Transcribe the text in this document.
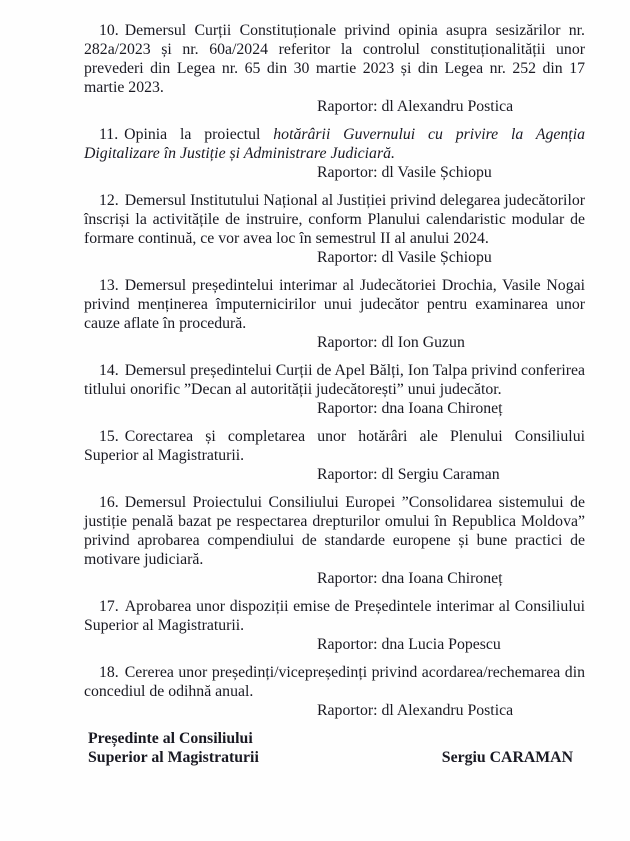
10. Demersul Curții Constituționale privind opinia asupra sesizărilor nr. 282a/2023 și nr. 60a/2024 referitor la controlul constituționalității unor prevederi din Legea nr. 65 din 30 martie 2023 și din Legea nr. 252 din 17 martie 2023.

Raportor: dl Alexandru Postica

11. Opinia la proiectul hotărârii Guvernului cu privire la Agenția Digitalizare în Justiție și Administrare Judiciară.

Raportor: dl Vasile Șchiopu

12. Demersul Institutului Național al Justiției privind delegarea judecătorilor înscriși la activitățile de instruire, conform Planului calendaristic modular de formare continuă, ce vor avea loc în semestrul II al anului 2024.

Raportor: dl Vasile Șchiopu

13. Demersul președintelui interimar al Judecătoriei Drochia, Vasile Nogai privind menținerea împuternicirilor unui judecător pentru examinarea unor cauze aflate în procedură.

Raportor: dl Ion Guzun

14. Demersul președintelui Curții de Apel Bălți, Ion Talpa privind conferirea titlului onorific ”Decan al autorității judecătorești” unui judecător.

Raportor: dna Ioana Chironeț

15. Corectarea și completarea unor hotărâri ale Plenului Consiliului Superior al Magistraturii.

Raportor: dl Sergiu Caraman

16. Demersul Proiectului Consiliului Europei ”Consolidarea sistemului de justiție penală bazat pe respectarea drepturilor omului în Republica Moldova” privind aprobarea compendiului de standarde europene și bune practici de motivare judiciară.

Raportor: dna Ioana Chironeț

17. Aprobarea unor dispoziții emise de Președintele interimar al Consiliului Superior al Magistraturii.

Raportor: dna Lucia Popescu

18. Cererea unor președinți/vicepreședinți privind acordarea/rechemarea din concediul de odihnă anual.

Raportor: dl Alexandru Postica

Președinte al Consiliului

Superior al Magistraturii	Sergiu CARAMAN
